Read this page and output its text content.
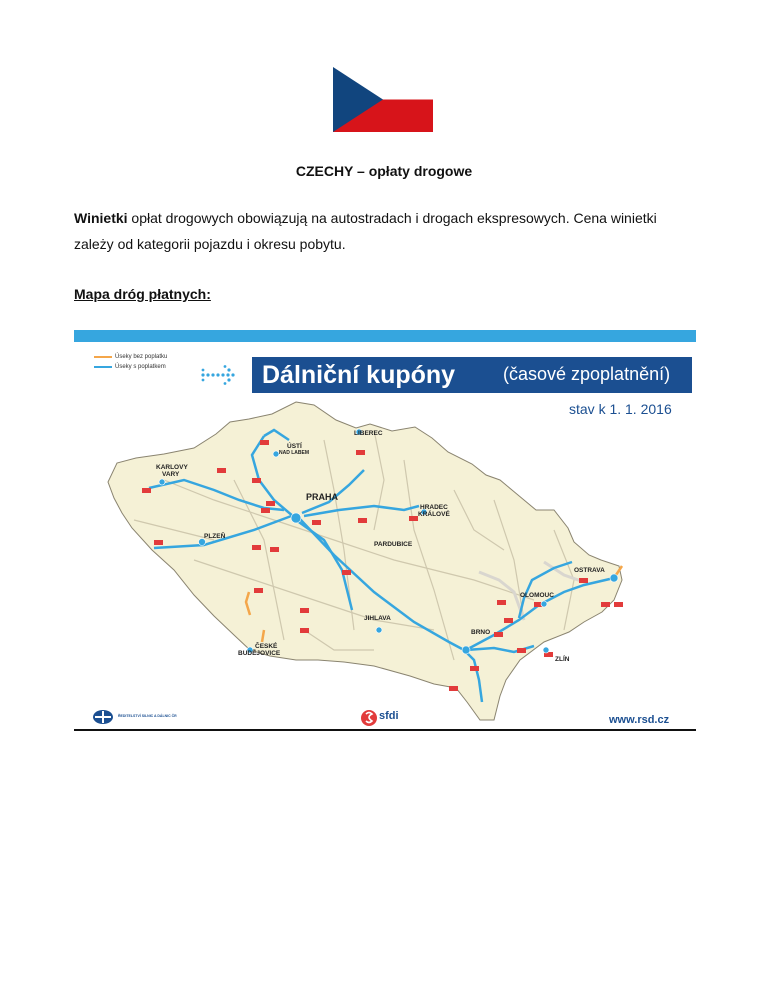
CZECHY – opłaty drogowe
Winietki opłat drogowych obowiązują na autostradach i drogach ekspresowych. Cena winietki zależy od kategorii pojazdu i okresu pobytu.
Mapa dróg płatnych:
Úseky bez poplatku
Úseky s poplatkem	Dálniční kupóny	(časové zpoplatnění)
stav k 1. 1. 2016
LIBEREC
ÚSTÍ
NAD LABEM
KARLOVY
VARY
PRAHA
HRADEC
KRÁLOVÉ
PLZEŇ
PARDUBICE
OSTRAVA
OLOMOUC
JIHLAVA
BRNO
ČESKÉ
BUDĚJOVICE
ZLÍN
ŘEDITELSTVÍ SILNIC A DÁLNIC ČR	sfdi	www.rsd.cz
